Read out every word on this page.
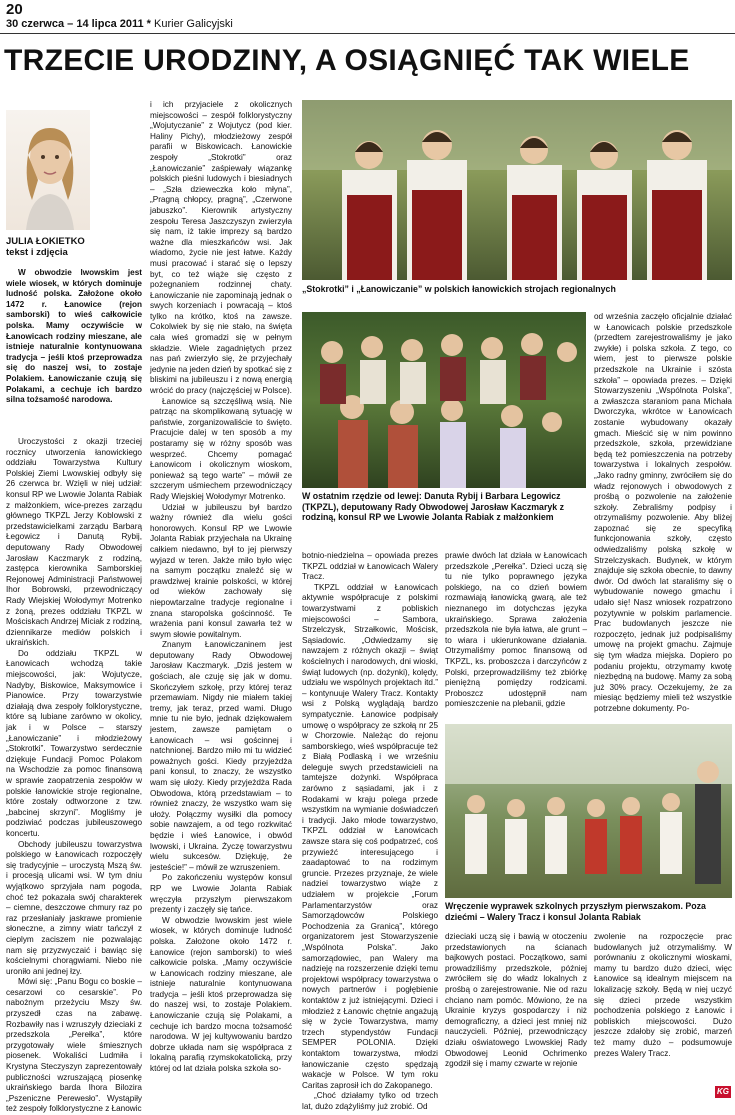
20
30 czerwca – 14 lipca 2011 * Kurier Galicyjski
TRZECIE URODZINY, A OSIĄGNIĘĆ TAK WIELE
JULIA ŁOKIETKO
tekst i zdjęcia

W obwodzie lwowskim jest wiele wiosek, w których dominuje ludność polska. Założone około 1472 r. Łanowice (rejon samborski) to wieś całkowicie polska. Mamy oczywiście w Łanowicach rodziny mieszane, ale istnieje naturalnie kontynuowana tradycja – jeśli ktoś przeprowadza się do naszej wsi, to zostaje Polakiem. Łanowiczanie czują się Polakami, a cechuje ich bardzo silna tożsamość narodowa.

Uroczystości z okazji trzeciej rocznicy utworzenia łanowickiego oddziału Towarzystwa Kultury Polskiej Ziemi Lwowskiej odbyły się 26 czerwca br. Wzięli w niej udział: konsul RP we Lwowie Jolanta Rabiak z małżonkiem, wice-prezes zarządu głównego TKPZL Jerzy Koblowski z przedstawicielkami zarządu Barbarą Łegowicz i Danutą Rybij, deputowany Rady Obwodowej Jarosław Kaczmaryk z rodziną, zastępca kierownika Samborskiej Rejonowej Administracji Państwowej Ihor Bobrowski, przewodniczący Rady Wiejskiej Wołodymyr Motrenko z żoną, prezes oddziału TKPZL w Mościskach Andrzej Miciak z rodziną, dziennikarze mediów polskich i ukraińskich.

Do oddziału TKPZL w Łanowicach wchodzą takie miejscowości, jak: Wojutycze, Nadyby, Biskowice, Maksymowice i Pianowice. Przy towarzystwie działają dwa zespoły folklorystyczne, które są lubiane zarówno w okolicy, jak i w Polsce – starszy „Łanowiczanie” i młodzieżowy „Stokrotki”. Towarzystwo serdecznie dziękuje Fundacji Pomoc Polakom na Wschodzie za pomoc finansową w sprawie zaopatrzenia zespołów w polskie łanowickie stroje regionalne, które zostały odtworzone z tzw. „babcinej skrzyni”. Mogliśmy je podziwiać podczas jubileuszowego koncertu.

Obchody jubileuszu towarzystwa polskiego w Łanowicach rozpoczęły się tradycyjnie – uroczystą Mszą św. i procesją ulicami wsi. W tym dniu wyjątkowo sprzyjała nam pogoda, choć też pokazała swój charakterek – ciemne, deszczowe chmury raz po raz przesłaniały jaskrawe promienie słoneczne, a zimny wiatr tańczył z cieplym zaciszem nie pozwalając nam się przyzwyczaić i bawiąc się kościelnymi chorągwiami. Niebo nie uroniło ani jednej łzy.

Mówi się: „Panu Bogu co boskie – cesarzowi co cesarskie”. Po nabożnym przeżyciu Mszy św. przyszedł czas na zabawę. Rozbawiły nas i wzruszyły dzieciaki z przedszkola „Perełka”, które przygotowały wiele śmiesznych piosenek. Wokaliści Ludmiła i Krystyna Steczyszyn zaprezentowały publiczności wzruszającą piosenkę ukraińskiego barda Ihora Bilozira „Pszeniczne Perewesło”. Wystąpiły też zespoły folklorystyczne z Łanowic

i ich przyjaciele z okolicznych miejscowości – zespół folklorystyczny „Wojutyczanie” z Wojutycz (pod kier. Haliny Pichy), młodzieżowy zespół parafii w Biskowicach. Łanowickie zespoły „Stokrotki” oraz „Łanowiczanie” zaśpiewały wiązankę polskich pieśni ludowych i biesiadnych – „Szła dzieweczka koło młyna”, „Pragną chłopcy, pragną”, „Czerwone jabuszko”. Kierownik artystyczny zespołu Teresa Jaszczyszyn zwierzyła się nam, iż takie imprezy są bardzo ważne dla mieszkańców wsi. Jak wiadomo, życie nie jest łatwe. Każdy musi pracować i starać się o lepszy byt, co też wiąże się często z pożegnaniem rodzinnej chaty. Łanowiczanie nie zapominają jednak o swych korzeniach i powracają – ktoś tylko na krótko, ktoś na zawsze. Cokolwiek by się nie stało, na święta cała wieś gromadzi się w pełnym składzie. Wiele zagadniętych przez nas pań zwierzyło się, że przyjechały jedynie na jeden dzień by spotkać się z bliskimi na jubileuszu i z nową energią wrócić do pracy (najczęściej w Polsce).

Łanowice są szczęśliwą wsią. Nie patrząc na skomplikowaną sytuację w państwie, zorganizowaliście to święto. Pracujcie dalej w ten sposób a my postaramy się w różny sposób was wesprzeć. Chcemy pomagać Łanowicom i okolicznym wioskom, ponieważ są tego warte” – mówił ze szczerym uśmiechem przewodniczący Rady Wiejskiej Wołodymyr Motrenko.

Udział w jubileuszu był bardzo ważny również dla wielu gości honorowych. Konsul RP we Lwowie Jolanta Rabiak przyjechała na Ukrainę całkiem niedawno, był to jej pierwszy wyjazd w teren. Jakże miło było więc na samym początku znaleźć się w prawdziwej krainie polskości, w której od wieków zachowały się niepowtarzalne tradycje regionalne i znana staropolska gościnność. Te wrażenia pani konsul zawarła też w swym słowie powitalnym.

Znanym Łanowiczaninem jest deputowany Rady Obwodowej Jarosław Kaczmaryk. „Dziś jestem w gościach, ale czuję się jak w domu. Skończyłem szkołę, przy której teraz przemawiam. Nigdy nie miałem takiej tremy, jak teraz, przed wami. Długo mnie tu nie było, jednak dziękowałem jestem, zawsze pamiętam o Łanowicach – wsi gościnnej i natchnionej. Bardzo miło mi tu widzieć poważnych gości. Kiedy przyjeżdża pani konsul, to znaczy, że wszystko wam się ułoży. Kiedy przyjeżdża Rada Obwodowa, którą przedstawiam – to również znaczy, że wszystko wam się ułoży. Połączmy wysiłki dla pomocy sobie nawzajem, a od tego rozkwitać będzie i wieś Łanowice, i obwód lwowski, i Ukraina. Życzę towarzystwu wielu sukcesów. Dziękuję, że jesteście!” – mówił ze wzruszeniem.

Po zakończeniu występów konsul RP we Lwowie Jolanta Rabiak wręczyła przyszłym pierwszakom prezenty i zaczęły się tańce.

W obwodzie lwowskim jest wiele wiosek, w których dominuje ludność polska. Założone około 1472 r. Łanowice (rejon samborski) to wieś całkowicie polska. „Mamy oczywiście w Łanowicach rodziny mieszane, ale istnieje naturalnie kontynuowana tradycja – jeśli ktoś przeprowadza się do naszej wsi, to zostaje Polakiem. Łanowiczanie czują się Polakami, a cechuje ich bardzo mocna tożsamość narodowa. W jej kultywowaniu bardzo dobrze układa nam się współpraca z lokalną parafią rzymskokatolicką, przy której od lat działa polska szkoła so-

„Stokrotki” i „Łanowiczanie” w polskich łanowickich strojach regionalnych
W ostatnim rzędzie od lewej: Danuta Rybij i Barbara Legowicz (TKPZL), deputowany Rady Obwodowej Jarosław Kaczmaryk z rodziną, konsul RP we Lwowie Jolanta Rabiak z małżonkiem

botnio-niedzielna – opowiada prezes TKPZL oddział w Łanowicach Walery Tracz.

TKPZL oddział w Łanowicach aktywnie współpracuje z polskimi towarzystwami z pobliskich miejscowości – Sambora, Strzelczysk, Strzałkowic, Mościsk, Sąsiadowic. „Odwiedzamy się nawzajem z różnych okazji – świąt kościelnych i narodowych, dni wioski, świąt ludowych (np. dożynki), kolędy, udziału we wspólnych projektach itd.” – kontynuuje Walery Tracz. Kontakty wsi z Polską wyglądają bardzo sympatycznie. Łanowice podpisały umowę o współpracy ze szkołą nr 25 w Chorzowie. Należąc do rejonu samborskiego, wieś współpracuje też z Białą Podlaską i we wrześniu deleguje swych przedstawicieli na tamtejsze dożynki. Współpraca zarówno z sąsiadami, jak i z Rodakami w kraju polega przede wszystkim na wymianie doświadczeń i tradycji. Jako młode towarzystwo, TKPZL oddział w Łanowicach zawsze stara się coś podpatrzeć, coś przywieźć interesującego i zaadaptować to na rodzimym gruncie. Przezes przyznaje, że wiele nadziei towarzystwo wiąże z udziałem w projekcie „Forum Parlamentarzystów oraz Samorządowców Polskiego Pochodzenia za Granicą”, którego organizatorem jest Stowarzyszenie „Wspólnota Polska”. Jako samorządowiec, pan Walery ma nadzieję na rozszerzenie dzięki temu projektowi współpracy towarzystwa o nowych partnerów i pogłębienie kontaktów z już istniejącymi. Dzieci i młodzież z Łanowic chętnie angażują się w życie Towarzystwa, mamy trzech stypendystów Fundacji SEMPER POLONIA. Dzięki kontaktom towarzystwa, młodzi łanowiczanie często spędzają wakacje w Polsce. W tym roku Caritas zaprosił ich do Zakopanego.

„Choć działamy tylko od trzech lat, dużo zdążyliśmy już zrobić. Od

prawie dwóch lat działa w Łanowicach przedszkole „Perełka”. Dzieci uczą się tu nie tylko poprawnego języka polskiego, na co dzień bowiem rozmawiają łanowicką gwarą, ale też nieznanego im dotychczas języka ukraińskiego. Sprawa założenia przedszkola nie była łatwa, ale grunt – to wiara i ukierunkowane działania. Otrzymaliśmy pomoc finansową od TKPZL, ks. proboszcza i darczyńców z Polski, przeprowadziliśmy też zbiórkę pieniężną pomiędzy rodzicami. Proboszcz udostępnił nam pomieszczenie na plebanii, gdzie

od września zaczęło oficjalnie działać w Łanowicach polskie przedszkole (przedtem zarejestrowaliśmy je jako zwykłe) i polska szkoła. Z tego, co wiem, jest to pierwsze polskie przedszkole na Ukrainie i szósta szkoła” – opowiada prezes. – Dzięki Stowarzyszeniu „Wspólnota Polska”, a zwłaszcza staraniom pana Michała Dworczyka, wkrótce w Łanowicach zostanie wybudowany okazały gmach. Mieścić się w nim powinno przedszkole, szkoła, przewidziane będą też pomieszczenia na potrzeby towarzystwa i lokalnych zespołów. „Jako radny gminny, zwróciłem się do władz rejonowych i obwodowych z prośbą o pozwolenie na założenie szkoły. Zebraliśmy podpisy i otrzymaliśmy pozwolenie. Aby bliżej zapoznać się ze specyfiką funkcjonowania szkoły, często odwiedzaliśmy polską szkołę w Strzelczyskach. Budynek, w którym znajduje się szkoła obecnie, to dawny dwór. Od dwóch lat staraliśmy się o wybudowanie nowego gmachu i udało się! Nasz wniosek rozpatrzono pozytywnie w polskim parlamencie. Prac budowlanych jeszcze nie rozpoczęto, jednak już podpisaliśmy umowę na projekt gmachu. Zajmuje się tym władza miejska. Dopiero po podaniu projektu, otrzymamy kwotę niezbędną na budowę. Mamy za sobą już 30% pracy. Oczekujemy, że za miesiąc będziemy mieli też wszystkie potrzebne dokumenty. Po-

Wręczenie wyprawek szkolnych przyszłym pierwszakom. Poza dziećmi – Walery Tracz i konsul Jolanta Rabiak

dzieciaki uczą się i bawią w otoczeniu przedstawionych na ścianach bajkowych postaci. Początkowo, sami prowadziliśmy przedszkole, później zwróciłem się do władz lokalnych z prośbą o zarejestrowanie. Nie od razu chciano nam pomóc. Mówiono, że na Ukrainie kryzys gospodarczy i niż demograficzny, a dzieci jest mniej niż nauczycieli. Później, przewodniczący działu oświatowego Lwowskiej Rady Obwodowej Leonid Ochrimenko zgodził się i mamy czwarte w rejonie

zwolenie na rozpoczęcie prac budowlanych już otrzymaliśmy. W porównaniu z okolicznymi wioskami, mamy tu bardzo dużo dzieci, więc Łanowice są idealnym miejscem na lokalizację szkoły. Będą w niej uczyć się dzieci przede wszystkim pochodzenia polskiego z Łanowic i pobliskich miejscowości. Dużo jeszcze zdałoby się zrobić, marzeń też mamy dużo – podsumowuje prezes Walery Tracz.

KG
